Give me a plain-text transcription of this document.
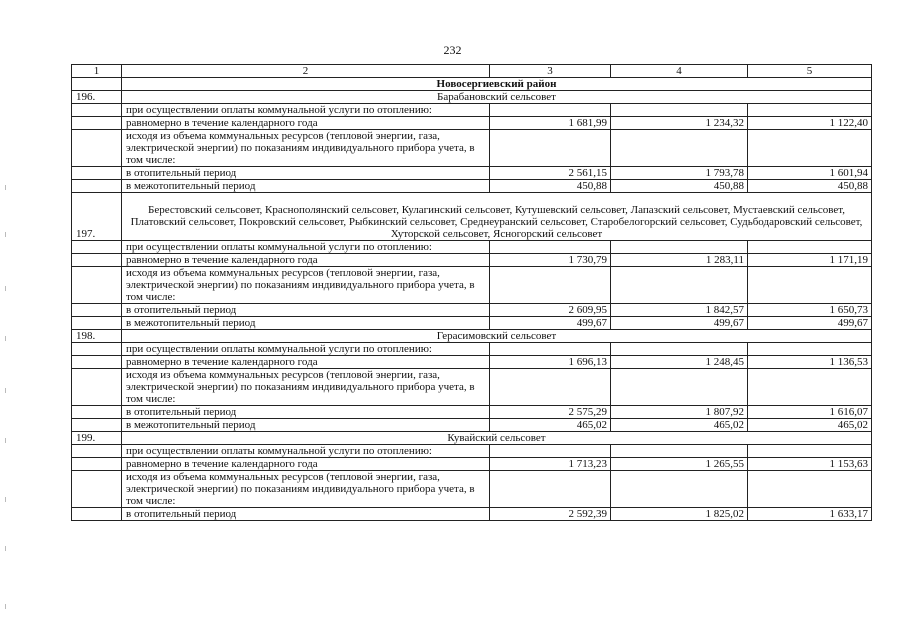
232
1	2	3	4	5
	Новосергиевский район			
196.	Барабановский сельсовет			
	при осуществлении оплаты коммунальной услуги по отоплению:			
	равномерно в течение календарного года	1 681,99	1 234,32	1 122,40
	исходя из объема коммунальных ресурсов (тепловой энергии, газа, электрической энергии) по показаниям индивидуального прибора учета, в том числе:			
	в отопительный период	2 561,15	1 793,78	1 601,94
	в межотопительный период	450,88	450,88	450,88
197.	Берестовский сельсовет, Краснополянский сельсовет, Кулагинский сельсовет, Кутушевский сельсовет, Лапазский сельсовет, Мустаевский сельсовет, Платовский сельсовет, Покровский сельсовет, Рыбкинский сельсовет, Среднеуранский сельсовет, Старобелогорский сельсовет, Судьбодаровский сельсовет, Хуторской сельсовет, Ясногорский сельсовет			
	при осуществлении оплаты коммунальной услуги по отоплению:			
	равномерно в течение календарного года	1 730,79	1 283,11	1 171,19
	исходя из объема коммунальных ресурсов (тепловой энергии, газа, электрической энергии) по показаниям индивидуального прибора учета, в том числе:			
	в отопительный период	2 609,95	1 842,57	1 650,73
	в межотопительный период	499,67	499,67	499,67
198.	Герасимовский сельсовет			
	при осуществлении оплаты коммунальной услуги по отоплению:			
	равномерно в течение календарного года	1 696,13	1 248,45	1 136,53
	исходя из объема коммунальных ресурсов (тепловой энергии, газа, электрической энергии) по показаниям индивидуального прибора учета, в том числе:			
	в отопительный период	2 575,29	1 807,92	1 616,07
	в межотопительный период	465,02	465,02	465,02
199.	Кувайский сельсовет			
	при осуществлении оплаты коммунальной услуги по отоплению:			
	равномерно в течение календарного года	1 713,23	1 265,55	1 153,63
	исходя из объема коммунальных ресурсов (тепловой энергии, газа, электрической энергии) по показаниям индивидуального прибора учета, в том числе:			
	в отопительный период	2 592,39	1 825,02	1 633,17
